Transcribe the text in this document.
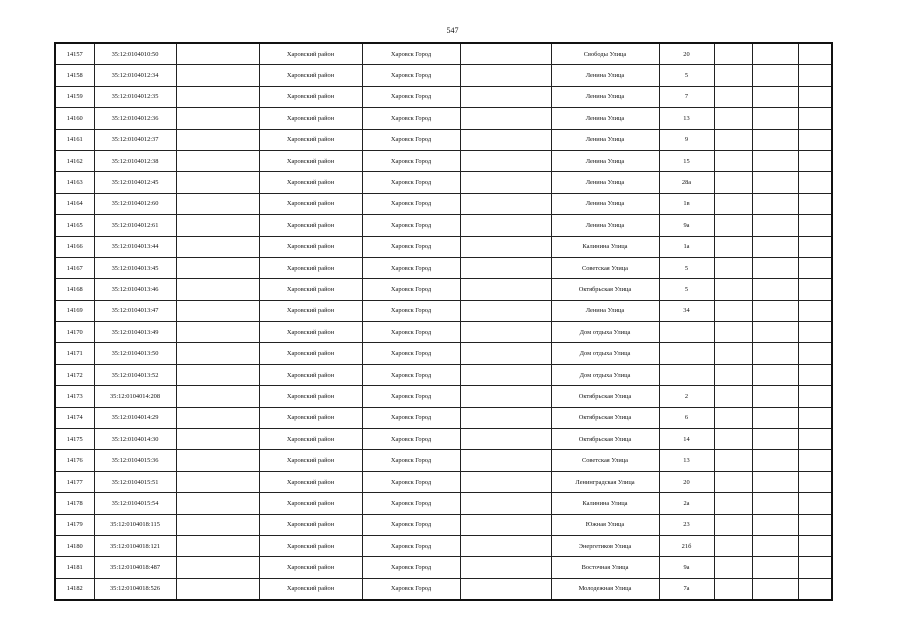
547
14157	35:12:0104010:50		Харовский район	Харовск Город		Свободы Улица	20			
14158	35:12:0104012:34		Харовский район	Харовск Город		Ленина Улица	5			
14159	35:12:0104012:35		Харовский район	Харовск Город		Ленина Улица	7			
14160	35:12:0104012:36		Харовский район	Харовск Город		Ленина Улица	13			
14161	35:12:0104012:37		Харовский район	Харовск Город		Ленина Улица	9			
14162	35:12:0104012:38		Харовский район	Харовск Город		Ленина Улица	15			
14163	35:12:0104012:45		Харовский район	Харовск Город		Ленина Улица	28а			
14164	35:12:0104012:60		Харовский район	Харовск Город		Ленина Улица	1в			
14165	35:12:0104012:61		Харовский район	Харовск Город		Ленина Улица	9а			
14166	35:12:0104013:44		Харовский район	Харовск Город		Калинина Улица	1а			
14167	35:12:0104013:45		Харовский район	Харовск Город		Советская Улица	5			
14168	35:12:0104013:46		Харовский район	Харовск Город		Октябрьская Улица	5			
14169	35:12:0104013:47		Харовский район	Харовск Город		Ленина Улица	34			
14170	35:12:0104013:49		Харовский район	Харовск Город		Дом отдыха Улица				
14171	35:12:0104013:50		Харовский район	Харовск Город		Дом отдыха Улица				
14172	35:12:0104013:52		Харовский район	Харовск Город		Дом отдыха Улица				
14173	35:12:0104014:208		Харовский район	Харовск Город		Октябрьская Улица	2			
14174	35:12:0104014:29		Харовский район	Харовск Город		Октябрьская Улица	6			
14175	35:12:0104014:30		Харовский район	Харовск Город		Октябрьская Улица	14			
14176	35:12:0104015:36		Харовский район	Харовск Город		Советская Улица	13			
14177	35:12:0104015:51		Харовский район	Харовск Город		Ленинградская Улица	20			
14178	35:12:0104015:54		Харовский район	Харовск Город		Калинина Улица	2а			
14179	35:12:0104018:115		Харовский район	Харовск Город		Южная Улица	23			
14180	35:12:0104018:121		Харовский район	Харовск Город		Энергетиков Улица	21б			
14181	35:12:0104018:487		Харовский район	Харовск Город		Восточная Улица	9а			
14182	35:12:0104018:526		Харовский район	Харовск Город		Молодежная Улица	7а			
